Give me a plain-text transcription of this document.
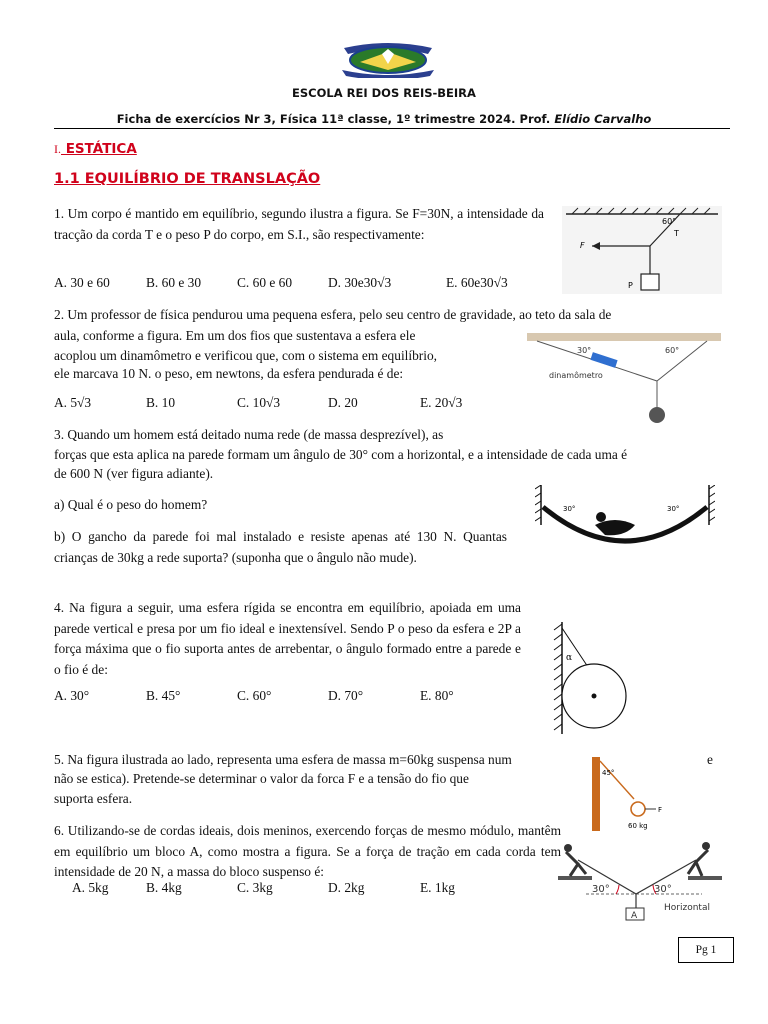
ESCOLA REI DOS REIS-BEIRA
Ficha de exercícios Nr 3, Física 11ª classe, 1º trimestre 2024. Prof. Elídio Carvalho
I. ESTÁTICA
1.1 EQUILÍBRIO DE TRANSLAÇÃO
1. Um corpo é mantido em equilíbrio, segundo ilustra a figura. Se F=30N, a intensidade da tracção da corda T e o peso P do corpo, em S.I., são respectivamente:
A. 30 e 60	B. 60 e 30	C. 60 e 60	D. 30e30√3	E. 60e30√3
60°
T
F
P
2. Um professor de física pendurou uma pequena esfera, pelo seu centro de gravidade, ao teto da sala de
aula, conforme a figura. Em um dos fios que sustentava a esfera ele
acoplou um dinamômetro e verificou que, com o sistema em equilíbrio,
ele marcava 10 N. o peso, em newtons, da esfera pendurada é de:
A. 5√3	B. 10	C. 10√3	D. 20	E. 20√3
30°	60°
dinamômetro
3. Quando um homem está deitado numa rede (de massa desprezível), as
forças que esta aplica na parede formam um ângulo de 30° com a horizontal, e a intensidade de cada uma é
de 600 N (ver figura adiante).
a) Qual é o peso do homem?
b) O gancho da parede foi mal instalado e resiste apenas até 130 N. Quantas crianças de 30kg a rede suporta? (suponha que o ângulo não mude).
30°	30°
4. Na figura a seguir, uma esfera rígida se encontra em equilíbrio, apoiada em uma parede vertical e presa por um fio ideal e inextensível. Sendo P o peso da esfera e 2P a força máxima que o fio suporta antes de arrebentar, o ângulo formado entre a parede e o fio é de:
A. 30°	B. 45°	C. 60°	D. 70°	E. 80°
α
5. Na figura ilustrada ao lado, representa uma esfera de massa m=60kg suspensa num	e
não se estica). Pretende-se determinar o valor da forca F e a tensão do fio que
suporta esfera.
45°
F
60 kg
6. Utilizando-se de cordas ideais, dois meninos, exercendo forças de mesmo módulo, mantêm em equilíbrio um bloco A, como mostra a figura. Se a força de tração em cada corda tem intensidade de 20 N, a massa do bloco suspenso é:
A. 5kg	B. 4kg	C. 3kg	D. 2kg	E. 1kg	30°	30°
A
Horizontal
Pg 1
